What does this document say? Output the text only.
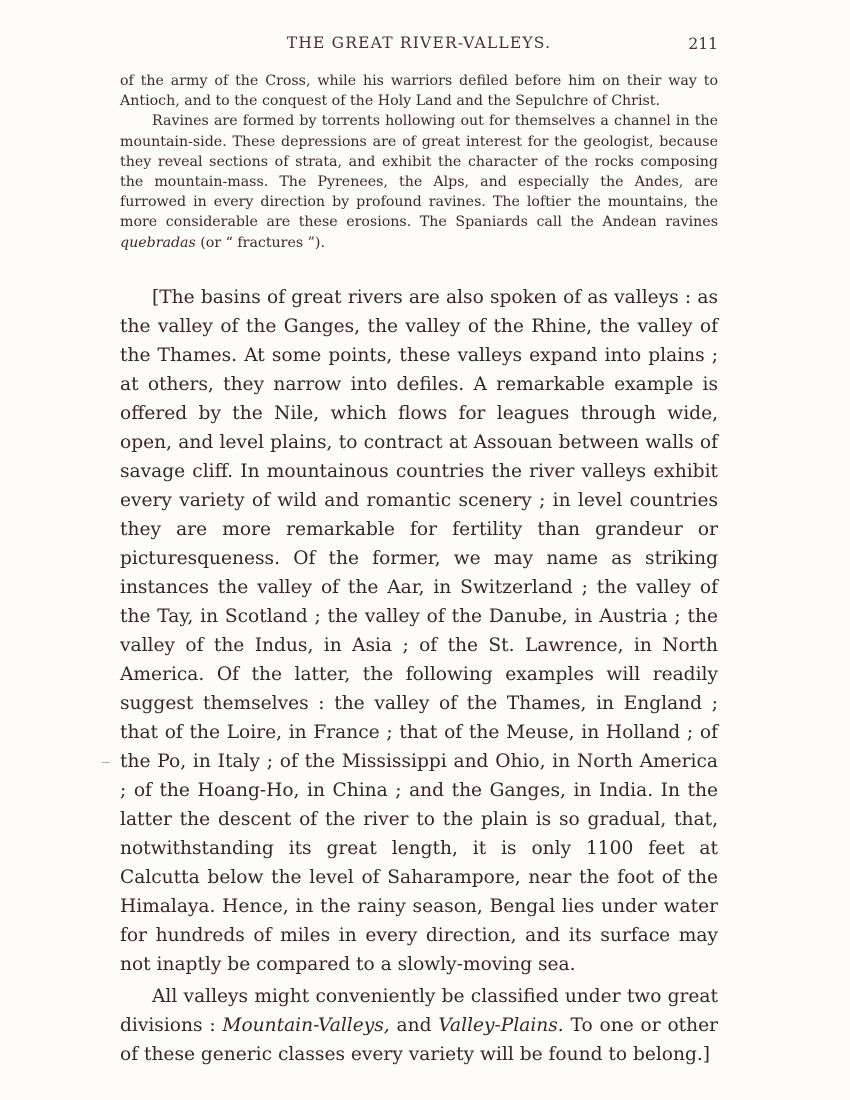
THE GREAT RIVER-VALLEYS.	211

of the army of the Cross, while his warriors defiled before him on their way to Antioch, and to the conquest of the Holy Land and the Sepulchre of Christ.

Ravines are formed by torrents hollowing out for themselves a channel in the mountain-side. These depressions are of great interest for the geologist, because they reveal sections of strata, and exhibit the character of the rocks composing the mountain-mass. The Pyrenees, the Alps, and especially the Andes, are furrowed in every direction by profound ravines. The loftier the mountains, the more considerable are these erosions. The Spaniards call the Andean ravines quebradas (or “ fractures ”).

[The basins of great rivers are also spoken of as valleys : as the valley of the Ganges, the valley of the Rhine, the valley of the Thames. At some points, these valleys expand into plains ; at others, they narrow into defiles. A remarkable example is offered by the Nile, which flows for leagues through wide, open, and level plains, to contract at Assouan between walls of savage cliff. In mountainous countries the river valleys exhibit every variety of wild and romantic scenery ; in level countries they are more remarkable for fertility than grandeur or picturesqueness. Of the former, we may name as striking instances the valley of the Aar, in Switzerland ; the valley of the Tay, in Scotland ; the valley of the Danube, in Austria ; the valley of the Indus, in Asia ; of the St. Lawrence, in North America. Of the latter, the following examples will readily suggest themselves : the valley of the Thames, in England ; that of the Loire, in France ; that of the Meuse, in Holland ; of the Po, in Italy ; of the Mississippi and Ohio, in North America ; of the Hoang-Ho, in China ; and the Ganges, in India. In the latter the descent of the river to the plain is so gradual, that, notwithstanding its great length, it is only 1100 feet at Calcutta below the level of Saharampore, near the foot of the Himalaya. Hence, in the rainy season, Bengal lies under water for hundreds of miles in every direction, and its surface may not inaptly be compared to a slowly-moving sea.

All valleys might conveniently be classified under two great divisions : Mountain-Valleys, and Valley-Plains. To one or other of these generic classes every variety will be found to belong.]
